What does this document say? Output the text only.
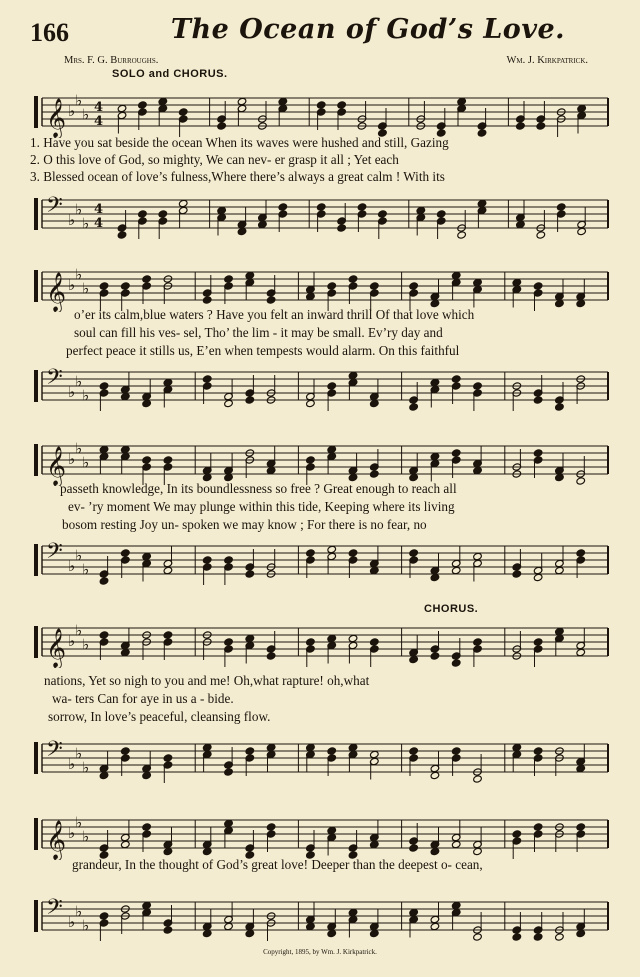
166	The Ocean of God’s Love.
Mrs. F. G. Burroughs.	Wm. J. Kirkpatrick.
SOLO and CHORUS.
CHORUS.
𝄞 ♭
♭
♭ 4
4
1. Have you sat beside the ocean When its waves were hushed and still, Gazing
2. O this love of God, so mighty, We can nev- er grasp it all ; Yet each
3. Blessed ocean of love’s fulness,Where there’s always a great calm ! With its
𝄢 ♭
♭
♭
4
4
𝄞 ♭
♭
♭
o’er its calm,blue waters ? Have you felt an inward thrill Of that love which
soul can fill his ves- sel, Tho’ the lim - it may be small. Ev’ry day and
perfect peace it stills us, E’en when tempests would alarm. On this faithful
𝄢 ♭
♭
♭
𝄞 ♭
♭
♭
passeth knowledge, In its boundlessness so free ? Great enough to reach all
ev- ’ry moment We may plunge within this tide, Keeping where its living
bosom resting Joy un- spoken we may know ; For there is no fear, no
𝄢 ♭
♭
♭
𝄞 ♭
♭
♭
nations, Yet so nigh to you and me! Oh,what rapture! oh,what
wa- ters Can for aye in us a - bide.
sorrow, In love’s peaceful, cleansing flow.
𝄢 ♭
♭
♭
𝄞 ♭
♭
♭
grandeur, In the thought of God’s great love! Deeper than the deepest o- cean,
𝄢 ♭
♭
♭
Copyright, 1895, by Wm. J. Kirkpatrick.
